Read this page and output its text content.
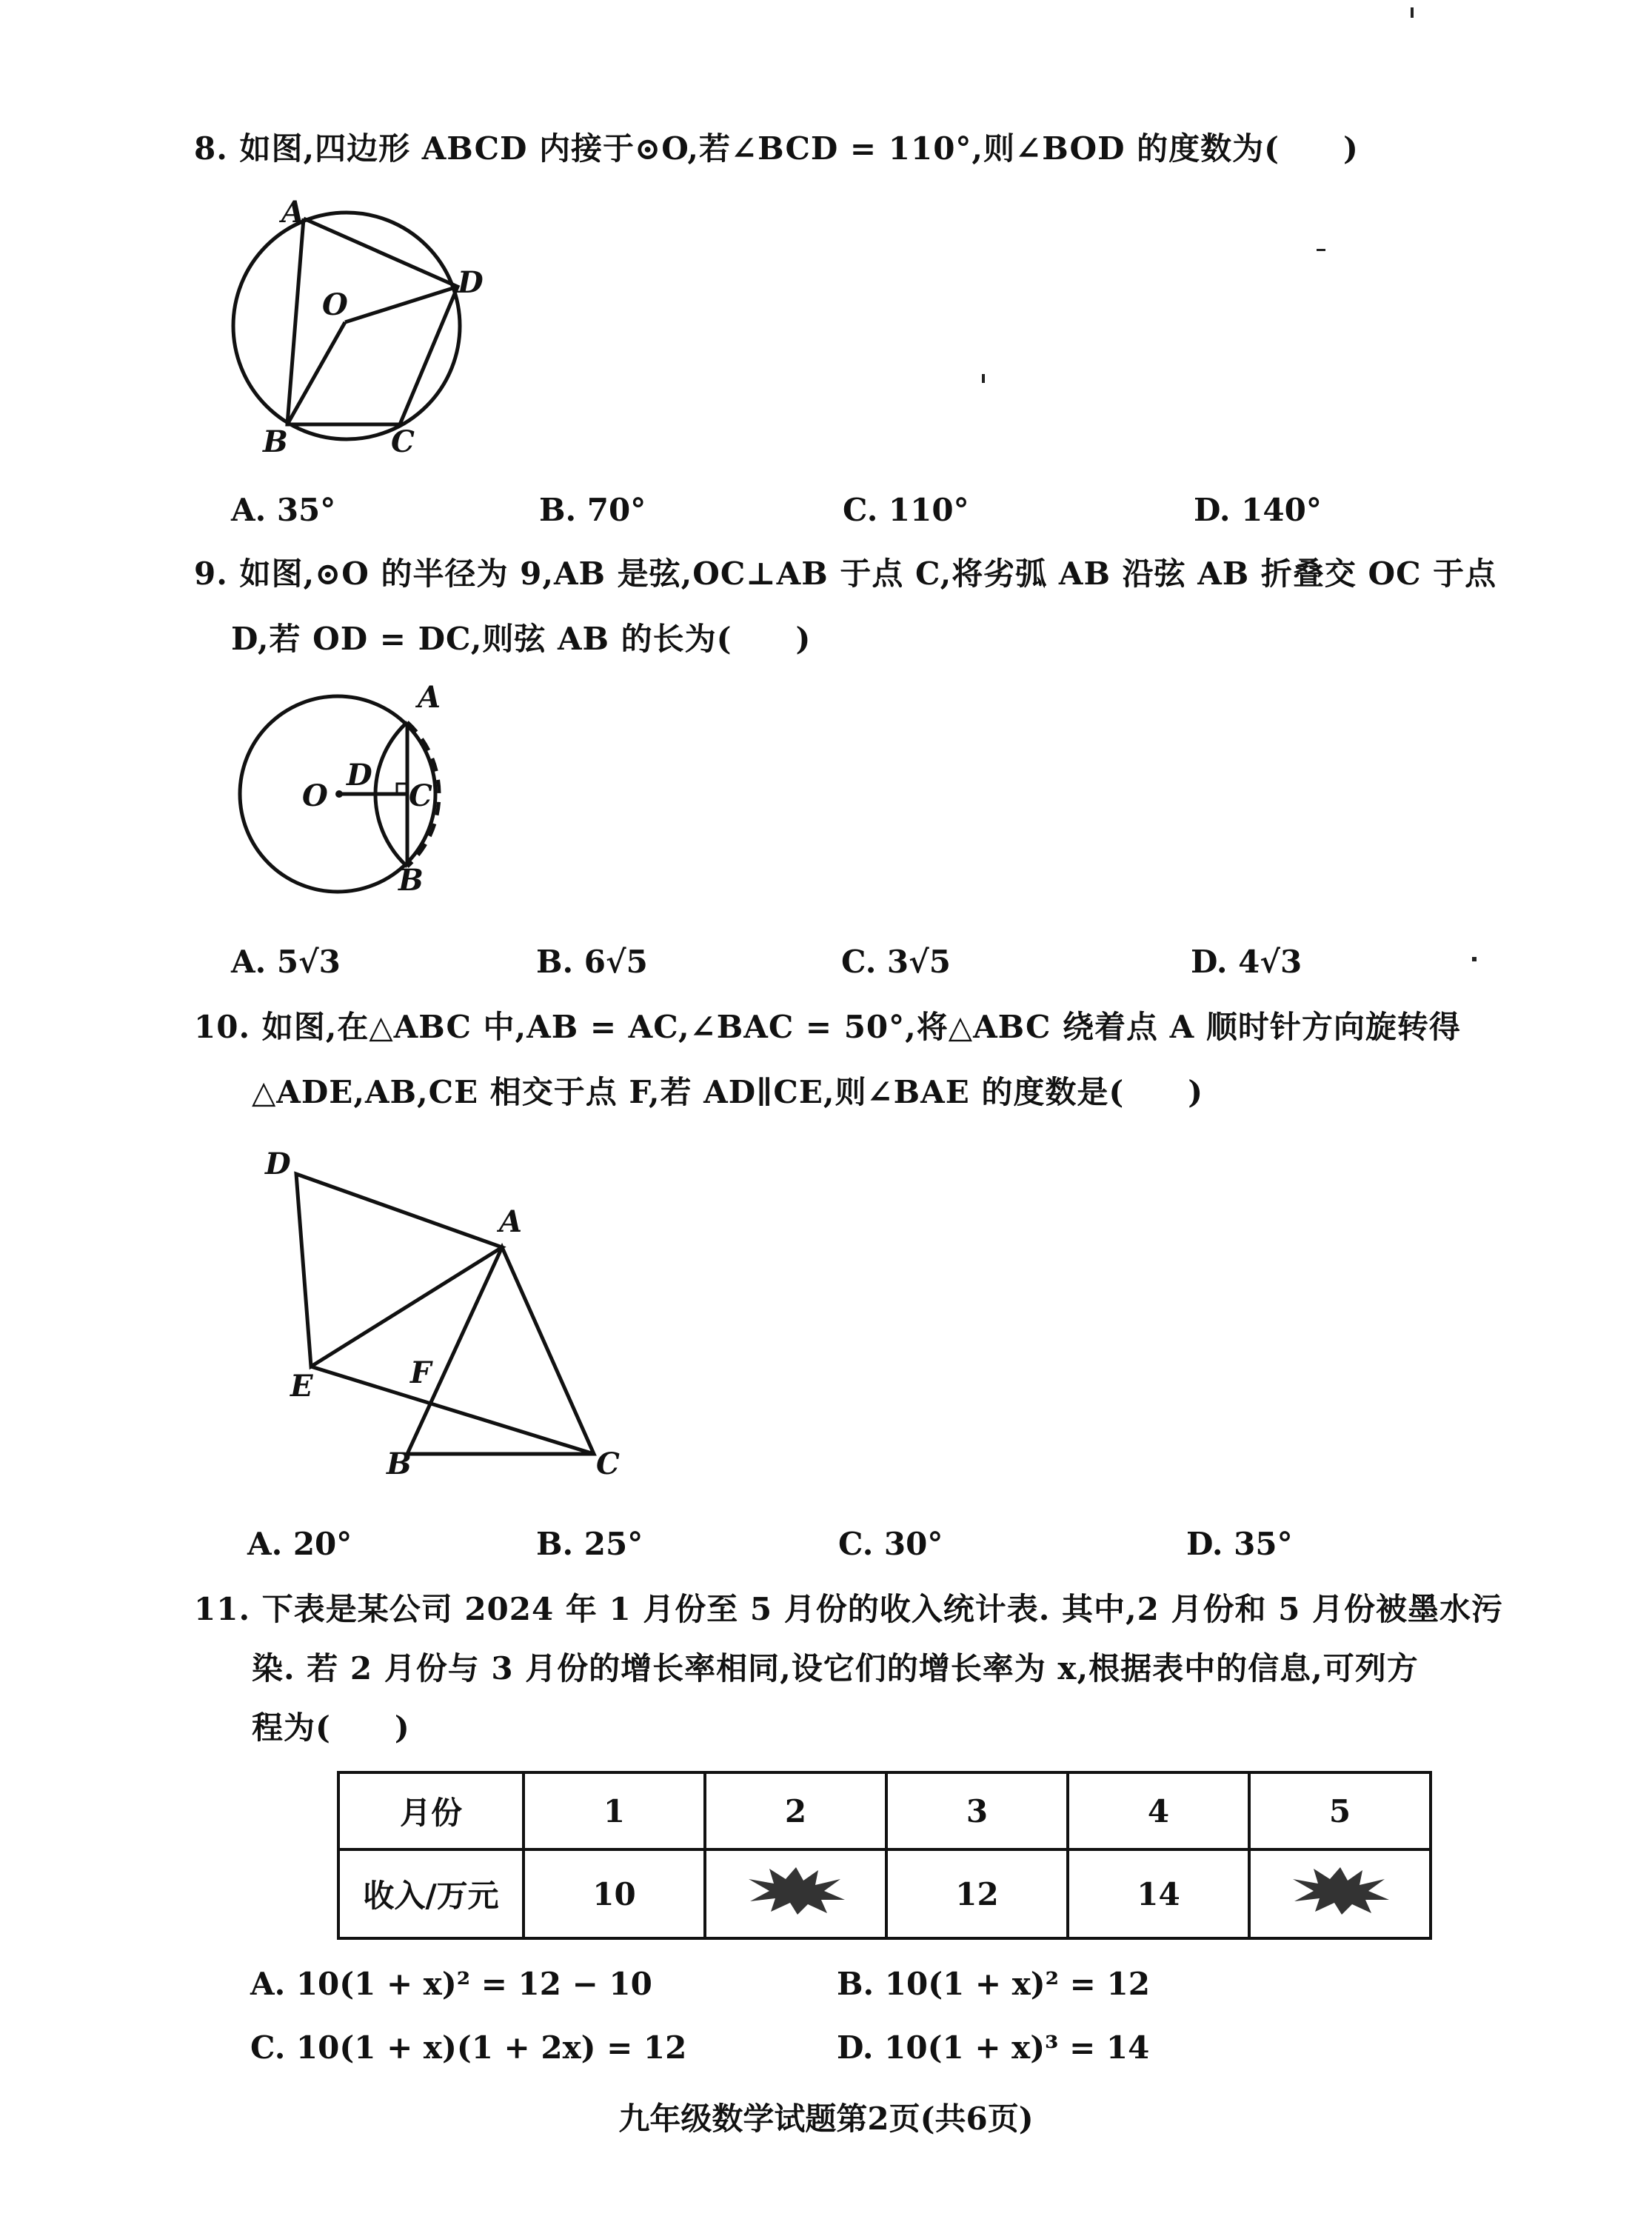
8. 如图,四边形 ABCD 内接于⊙O,若∠BCD = 110°,则∠BOD 的度数为(　　)
A
B	C
D
O
A. 35°	B. 70°	C. 110°	D. 140°
9. 如图,⊙O 的半径为 9,AB 是弦,OC⊥AB 于点 C,将劣弧 AB 沿弦 AB 折叠交 OC 于点
D,若 OD = DC,则弦 AB 的长为(　　)
A
B
C
D
O
A. 5√3	B. 6√5	C. 3√5	D. 4√3
10. 如图,在△ABC 中,AB = AC,∠BAC = 50°,将△ABC 绕着点 A 顺时针方向旋转得
△ADE,AB,CE 相交于点 F,若 AD∥CE,则∠BAE 的度数是(　　)
D
A
E	F
B	C
A. 20°	B. 25°	C. 30°	D. 35°
11. 下表是某公司 2024 年 1 月份至 5 月份的收入统计表. 其中,2 月份和 5 月份被墨水污
染. 若 2 月份与 3 月份的增长率相同,设它们的增长率为 x,根据表中的信息,可列方
程为(　　)
月份	1	2	3	4	5
收入/万元	10		12	14	
A. 10(1 + x)² = 12 − 10	B. 10(1 + x)² = 12
C. 10(1 + x)(1 + 2x) = 12	D. 10(1 + x)³ = 14
九年级数学试题第2页(共6页)
